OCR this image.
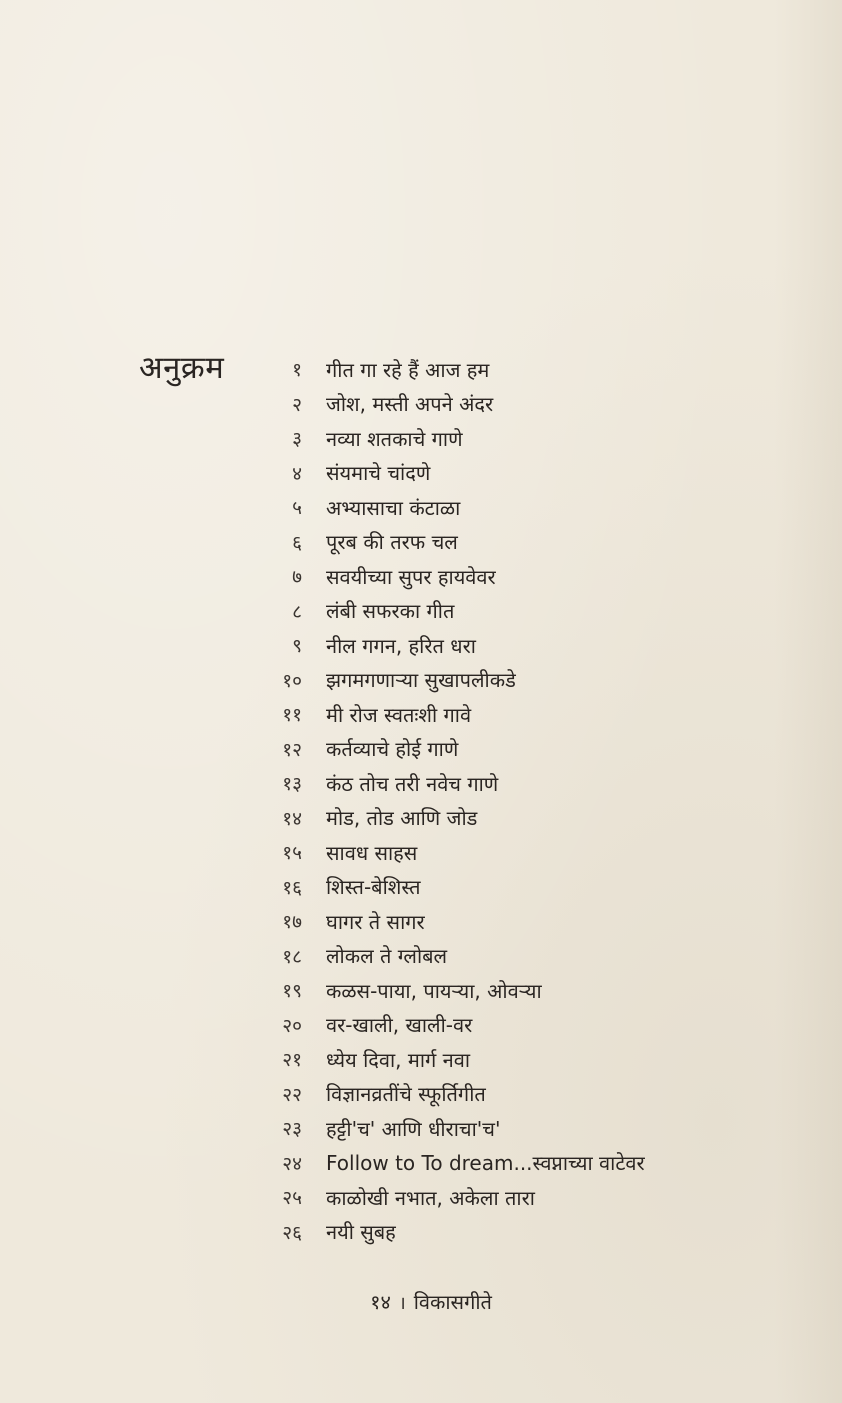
अनुक्रम	१	गीत गा रहे हैं आज हम
२	जोश, मस्ती अपने अंदर
३	नव्या शतकाचे गाणे
४	संयमाचे चांदणे
५	अभ्यासाचा कंटाळा
६	पूरब की तरफ चल
७	सवयीच्या सुपर हायवेवर
८	लंबी सफरका गीत
९	नील गगन, हरित धरा
१०	झगमगणाऱ्या सुखापलीकडे
११	मी रोज स्वतःशी गावे
१२	कर्तव्याचे होई गाणे
१३	कंठ तोच तरी नवेच गाणे
१४	मोड, तोड आणि जोड
१५	सावध साहस
१६	शिस्त-बेशिस्त
१७	घागर ते सागर
१८	लोकल ते ग्लोबल
१९	कळस-पाया, पायऱ्या, ओवऱ्या
२०	वर-खाली, खाली-वर
२१	ध्येय दिवा, मार्ग नवा
२२	विज्ञानव्रतींचे स्फूर्तिगीत
२३	हट्टी'च' आणि धीराचा'च'
२४	Follow to To dream...स्वप्नाच्या वाटेवर
२५	काळोखी नभात, अकेला तारा
२६	नयी सुबह
१४ । विकासगीते
